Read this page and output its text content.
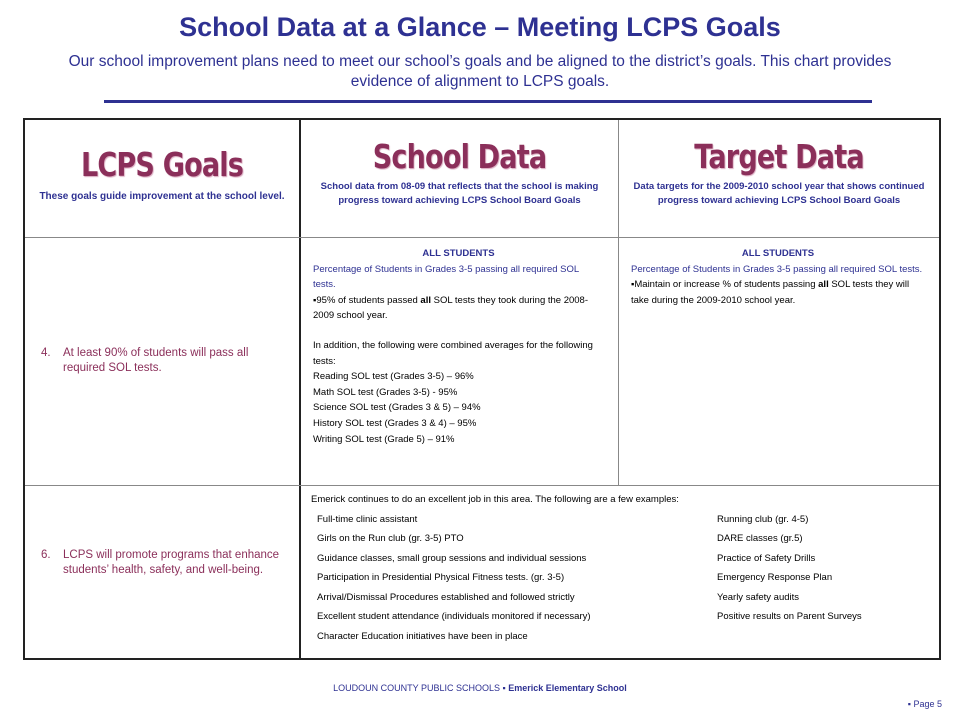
School Data at a Glance – Meeting LCPS Goals
Our school improvement plans need to meet our school’s goals and be aligned to the district’s goals. This chart provides evidence of alignment to LCPS goals.
LCPS Goals
These goals guide improvement at the school level.
School Data
School data from 08-09 that reflects that the school is making progress toward achieving LCPS School Board Goals
Target Data
Data targets for the 2009-2010 school year that shows continued progress toward achieving LCPS School Board Goals
4.	At least 90% of students will pass all required SOL tests.
ALL STUDENTS
Percentage of Students in Grades 3-5 passing all required SOL tests.
▪95% of students passed all SOL tests they took during the 2008-2009 school year.
In addition, the following were combined averages for the following tests:
Reading SOL test (Grades 3-5) – 96%
Math SOL test (Grades 3-5) - 95%
Science SOL test (Grades 3 & 5) – 94%
History SOL test (Grades 3 & 4) – 95%
Writing SOL test (Grade 5) – 91%
ALL STUDENTS
Percentage of Students in Grades 3-5 passing all required SOL tests.
▪Maintain or increase % of students passing all SOL tests they will take during the 2009-2010 school year.
6.	LCPS will promote programs that enhance students’ health, safety, and well-being.
Emerick continues to do an excellent job in this area. The following are a few examples:
Full-time clinic assistant	Running club (gr. 4-5)
Girls on the Run club (gr. 3-5) PTO	DARE classes (gr.5)
Guidance classes, small group sessions and individual sessions	Practice of Safety Drills
Participation in Presidential Physical Fitness tests. (gr. 3-5)	Emergency Response Plan
Arrival/Dismissal Procedures established and followed strictly	Yearly safety audits
Excellent student attendance (individuals monitored if necessary)	Positive results on Parent Surveys
Character Education initiatives have been in place
LOUDOUN COUNTY PUBLIC SCHOOLS ▪ Emerick Elementary School
▪ Page 5
